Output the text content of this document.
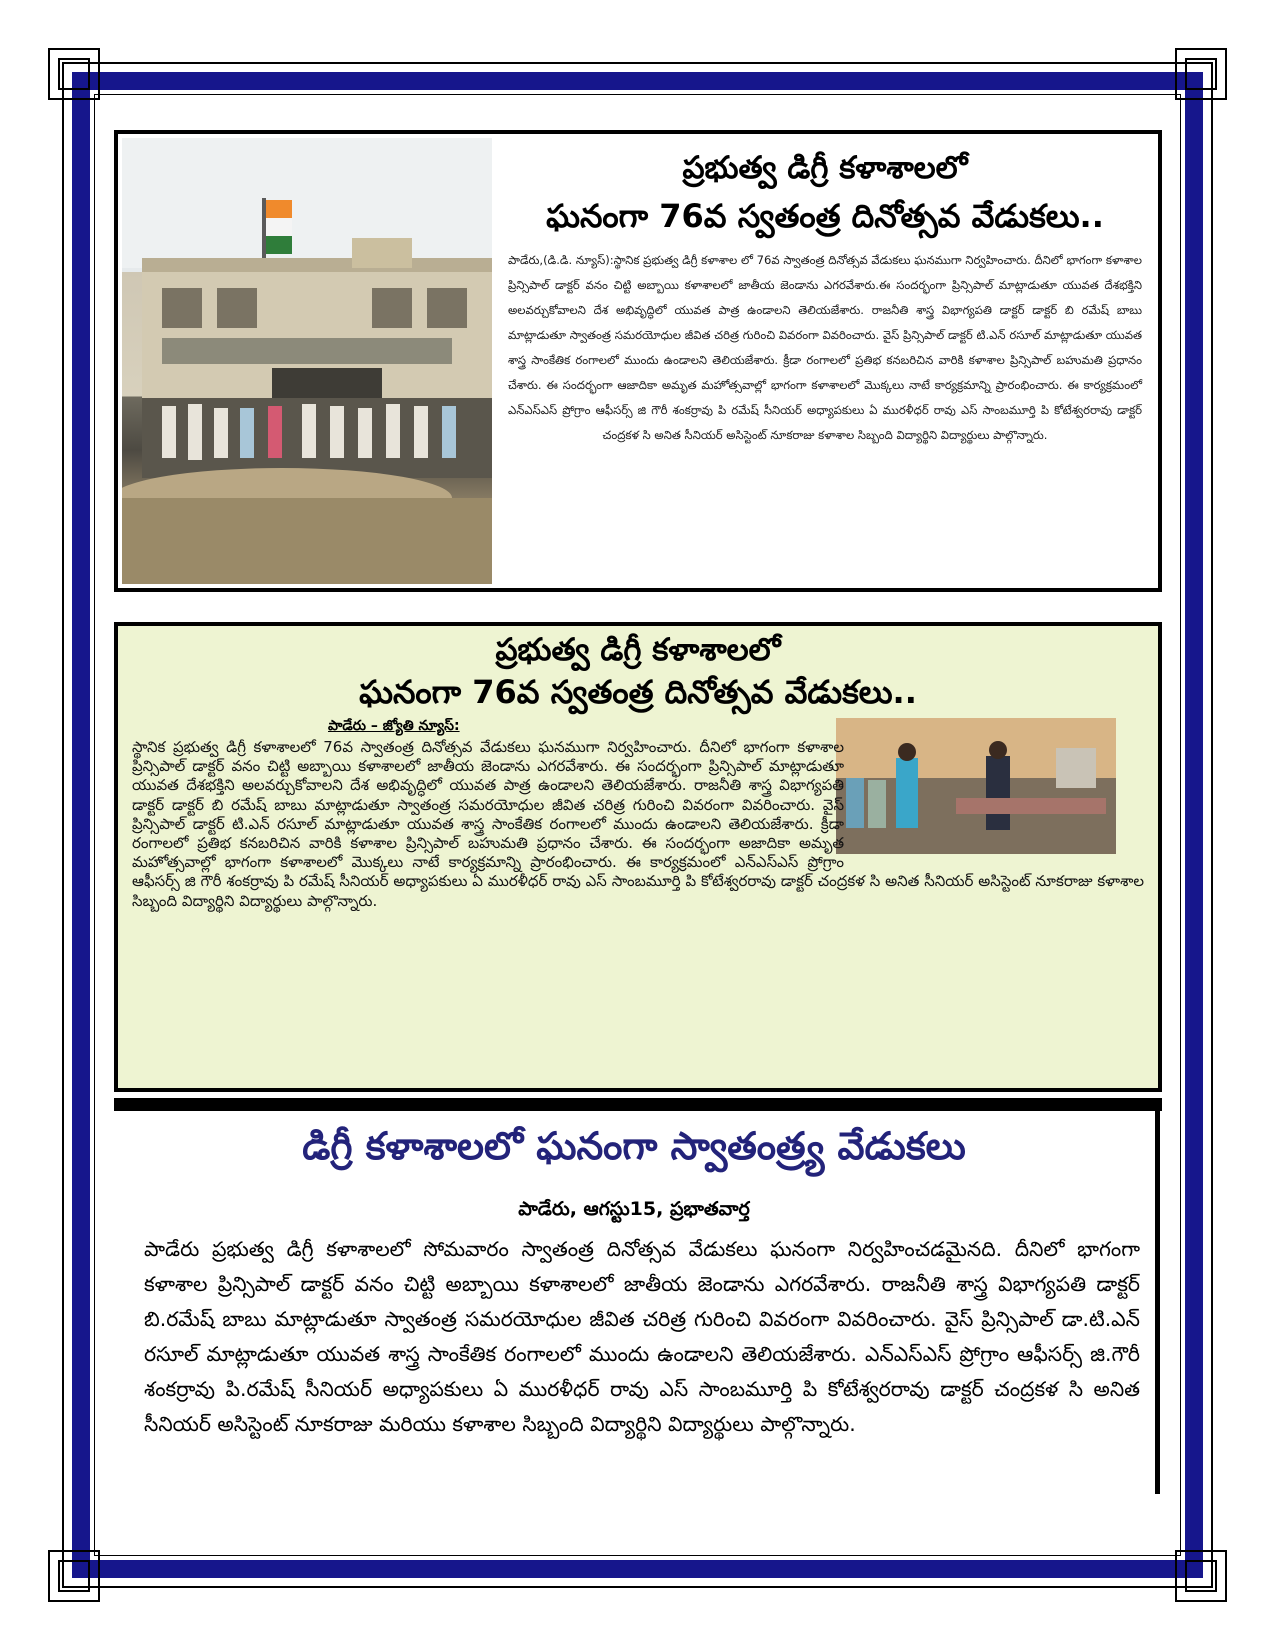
ప్రభుత్వ డిగ్రీ కళాశాలలో
ఘనంగా 76వ స్వతంత్ర దినోత్సవ వేడుకలు..
పాడేరు,(డి.డి. న్యూస్):స్థానిక ప్రభుత్వ డిగ్రీ కళాశాల లో 76వ స్వాతంత్ర దినోత్సవ వేడుకలు ఘనముగా నిర్వహించారు. దీనిలో భాగంగా కళాశాల ప్రిన్సిపాల్ డాక్టర్ వనం చిట్టి అబ్బాయి కళాశాలలో జాతీయ జెండాను ఎగరవేశారు.ఈ సందర్భంగా ప్రిన్సిపాల్ మాట్లాడుతూ యువత దేశభక్తిని అలవర్చుకోవాలని దేశ అభివృద్ధిలో యువత పాత్ర ఉండాలని తెలియజేశారు. రాజనీతి శాస్త్ర విభాగ్యపతి డాక్టర్ డాక్టర్ బి రమేష్ బాబు మాట్లాడుతూ స్వాతంత్ర సమరయోధుల జీవిత చరిత్ర గురించి వివరంగా వివరించారు. వైస్ ప్రిన్సిపాల్ డాక్టర్ టి.ఎన్ రసూల్ మాట్లాడుతూ యువత శాస్త్ర సాంకేతిక రంగాలలో ముందు ఉండాలని తెలియజేశారు. క్రీడా రంగాలలో ప్రతిభ కనబరిచిన వారికి కళాశాల ప్రిన్సిపాల్ బహుమతి ప్రధానం చేశారు. ఈ సందర్భంగా ఆజాదికా అమృత మహోత్సవాల్లో భాగంగా కళాశాలలో మొక్కలు నాటే కార్యక్రమాన్ని ప్రారంభించారు. ఈ కార్యక్రమంలో ఎన్ఎస్ఎస్ ప్రోగ్రాం ఆఫీసర్స్ జి గౌరీ శంకర్రావు పి రమేష్ సీనియర్ అధ్యాపకులు ఏ మురళీధర్ రావు ఎస్ సాంబమూర్తి పి కోటేశ్వరరావు డాక్టర్ చంద్రకళ సి అనిత సీనియర్ అసిస్టెంట్ నూకరాజు కళాశాల సిబ్బంది విద్యార్థిని విద్యార్థులు పాల్గొన్నారు.
ప్రభుత్వ డిగ్రీ కళాశాలలో
ఘనంగా 76వ స్వతంత్ర దినోత్సవ వేడుకలు..
పాడేరు – జ్యోతి న్యూస్:
స్థానిక ప్రభుత్వ డిగ్రీ కళాశాలలో 76వ స్వాతంత్ర దినోత్సవ వేడుకలు ఘనముగా నిర్వహించారు. దీనిలో భాగంగా కళాశాల ప్రిన్సిపాల్ డాక్టర్ వనం చిట్టి అబ్బాయి కళాశాలలో జాతీయ జెండాను ఎగరవేశారు. ఈ సందర్భంగా ప్రిన్సిపాల్ మాట్లాడుతూ యువత దేశభక్తిని అలవర్చుకోవాలని దేశ అభివృద్ధిలో యువత పాత్ర ఉండాలని తెలియజేశారు. రాజనీతి శాస్త్ర విభాగ్యపతి డాక్టర్ డాక్టర్ బి రమేష్ బాబు మాట్లాడుతూ స్వాతంత్ర సమరయోధుల జీవిత చరిత్ర గురించి వివరంగా వివరించారు. వైస్ ప్రిన్సిపాల్ డాక్టర్ టి.ఎన్ రసూల్ మాట్లాడుతూ యువత శాస్త్ర సాంకేతిక రంగాలలో ముందు ఉండాలని తెలియజేశారు. క్రీడా రంగాలలో ప్రతిభ కనబరిచిన వారికి కళాశాల ప్రిన్సిపాల్ బహుమతి ప్రధానం చేశారు. ఈ సందర్భంగా అజాదికా అమృత మహోత్సవాల్లో భాగంగా కళాశాలలో మొక్కలు నాటే కార్యక్రమాన్ని ప్రారంభించారు. ఈ కార్యక్రమంలో ఎన్ఎస్ఎస్ ప్రోగ్రాం ఆఫీసర్స్ జి గౌరీ శంకర్రావు పి రమేష్ సీనియర్ అధ్యాపకులు ఏ మురళీధర్ రావు ఎస్ సాంబమూర్తి పి కోటేశ్వరరావు డాక్టర్ చంద్రకళ సి అనిత సీనియర్ అసిస్టెంట్ నూకరాజు కళాశాల సిబ్బంది విద్యార్థిని విద్యార్థులు పాల్గొన్నారు.
డిగ్రీ కళాశాలలో ఘనంగా స్వాతంత్ర్య వేడుకలు
పాడేరు, ఆగస్టు15, ప్రభాతవార్త
పాడేరు ప్రభుత్వ డిగ్రీ కళాశాలలో సోమవారం స్వాతంత్ర దినోత్సవ వేడుకలు ఘనంగా నిర్వహించడమైనది. దీనిలో భాగంగా కళాశాల ప్రిన్సిపాల్ డాక్టర్ వనం చిట్టి అబ్బాయి కళాశాలలో జాతీయ జెండాను ఎగరవేశారు. రాజనీతి శాస్త్ర విభాగ్యపతి డాక్టర్ బి.రమేష్ బాబు మాట్లాడుతూ స్వాతంత్ర సమరయోధుల జీవిత చరిత్ర గురించి వివరంగా వివరించారు. వైస్ ప్రిన్సిపాల్ డా.టి.ఎన్ రసూల్ మాట్లాడుతూ యువత శాస్త్ర సాంకేతిక రంగాలలో ముందు ఉండాలని తెలియజేశారు. ఎన్ఎస్ఎస్ ప్రోగ్రాం ఆఫీసర్స్ జి.గౌరీ శంకర్రావు పి.రమేష్ సీనియర్ అధ్యాపకులు ఏ మురళీధర్ రావు ఎస్ సాంబమూర్తి పి కోటేశ్వరరావు డాక్టర్ చంద్రకళ సి అనిత సీనియర్ అసిస్టెంట్ నూకరాజు మరియు కళాశాల సిబ్బంది విద్యార్థిని విద్యార్థులు పాల్గొన్నారు.
